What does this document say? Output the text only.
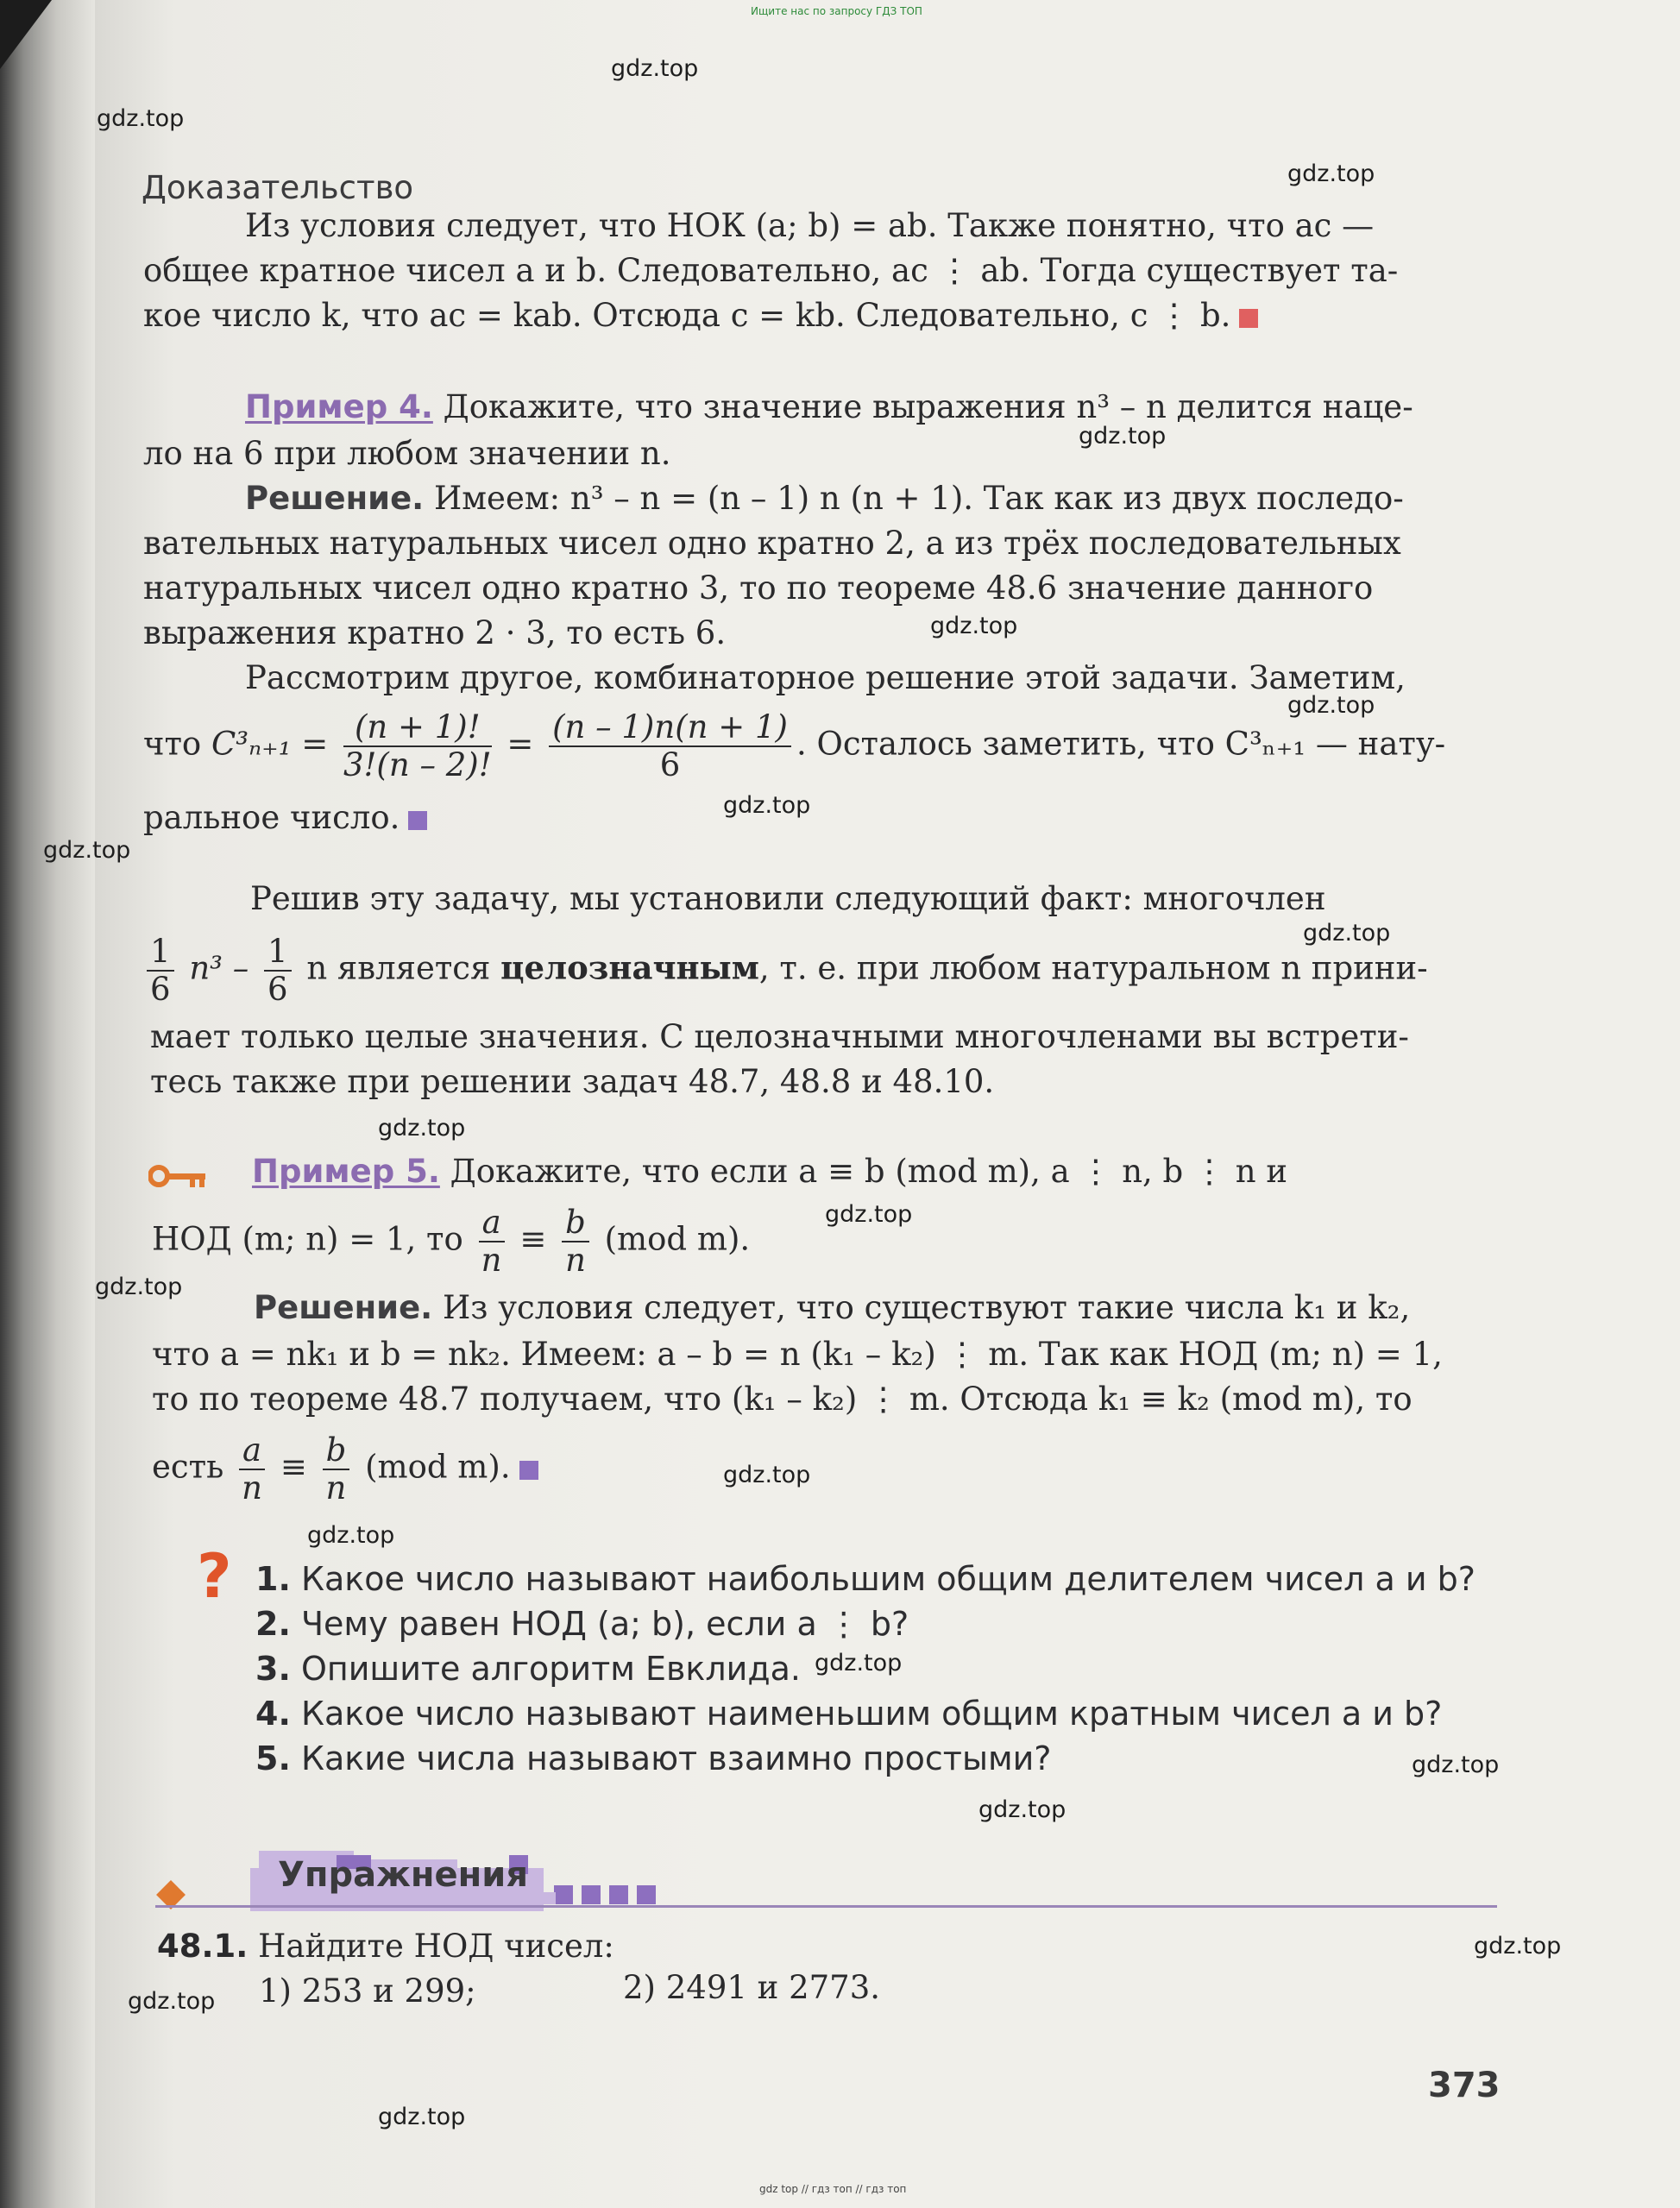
Ищите нас по запросу ГДЗ ТОП
gdz.top
gdz.top
gdz.top
gdz.top
gdz.top
gdz.top
gdz.top
gdz.top
gdz.top
gdz.top
gdz.top
gdz.top
gdz.top
gdz.top
gdz.top
gdz.top
gdz.top
gdz.top
gdz.top
gdz.top
Доказательство
Из условия следует, что НОК (a; b) = ab. Также понятно, что ac —
общее кратное чисел a и b. Следовательно, ac ⋮ ab. Тогда существует та-
кое число k, что ac = kab. Отсюда c = kb. Следовательно, c ⋮ b.
Пример 4. Докажите, что значение выражения n³ – n делится наце-
ло на 6 при любом значении n.
Решение. Имеем: n³ – n = (n – 1) n (n + 1). Так как из двух последо-
вательных натуральных чисел одно кратно 2, а из трёх последовательных
натуральных чисел одно кратно 3, то по теореме 48.6 значение данного
выражения кратно 2 · 3, то есть 6.
Рассмотрим другое, комбинаторное решение этой задачи. Заметим,
что $C^3_{n+1} = \frac{(n + 1)!}{3!(n - 2)!} = \frac{(n - 1)n(n + 1)}{6}$ . Осталось заметить, что C³ₙ₊₁ — нату-
ральное число.
Решив эту задачу, мы установили следующий факт: многочлен
$\frac{1}{6} n^3 - \frac{1}{6}$ n является целозначным, т. е. при любом натуральном n прини-
мает только целые значения. С целозначными многочленами вы встрети-
тесь также при решении задач 48.7, 48.8 и 48.10.
Пример 5. Докажите, что если a ≡ b (mod m), a ⋮ n, b ⋮ n и
НОД (m; n) = 1, то $\frac{a}{n} \equiv \frac{b}{n} (mod$ m).
Решение. Из условия следует, что существуют такие числа k₁ и k₂,
что a = nk₁ и b = nk₂. Имеем: a – b = n (k₁ – k₂) ⋮ m. Так как НОД (m; n) = 1,
то по теореме 48.7 получаем, что (k₁ – k₂) ⋮ m. Отсюда k₁ ≡ k₂ (mod m), то
есть $\frac{a}{n} \equiv \frac{b}{n} (mod$ m).
? 1. Какое число называют наибольшим общим делителем чисел a и b?
2. Чему равен НОД (a; b), если a ⋮ b?
3. Опишите алгоритм Евклида.
4. Какое число называют наименьшим общим кратным чисел a и b?
5. Какие числа называют взаимно простыми?
Упражнения
48.1. Найдите НОД чисел:
1) 253 и 299;	2) 2491 и 2773.
373
gdz top // гдз топ // гдз топ
